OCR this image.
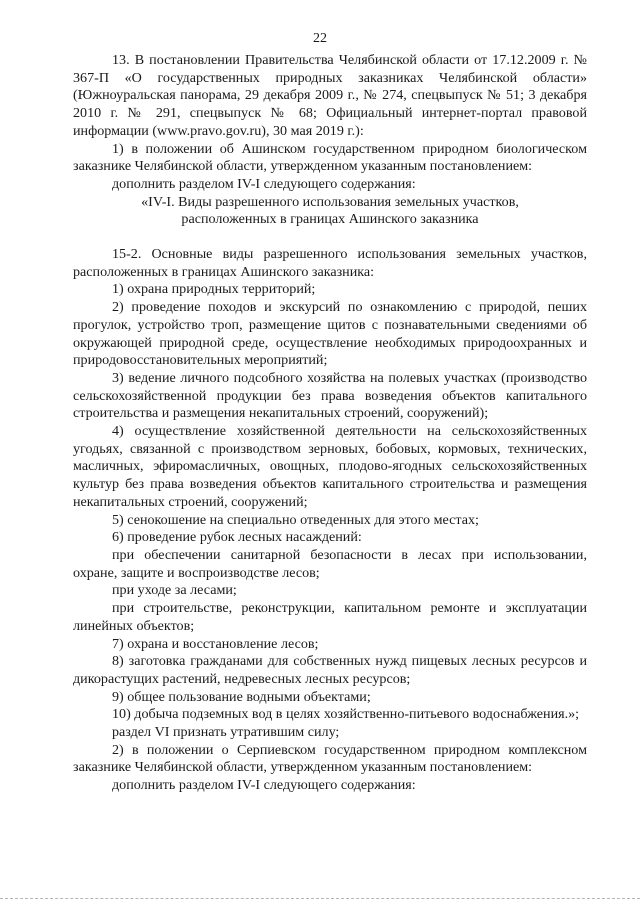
22

13. В постановлении Правительства Челябинской области от 17.12.2009 г. № 367-П «О государственных природных заказниках Челябинской области» (Южноуральская панорама, 29 декабря 2009 г., № 274, спецвыпуск № 51; 3 декабря 2010 г. № 291, спецвыпуск № 68; Официальный интернет-портал правовой информации (www.pravo.gov.ru), 30 мая 2019 г.):

1) в положении об Ашинском государственном природном биологическом заказнике Челябинской области, утвержденном указанным постановлением:

дополнить разделом IV-I следующего содержания:

«IV-I. Виды разрешенного использования земельных участков,

расположенных в границах Ашинского заказника

15-2. Основные виды разрешенного использования земельных участков, расположенных в границах Ашинского заказника:

1) охрана природных территорий;

2) проведение походов и экскурсий по ознакомлению с природой, пеших прогулок, устройство троп, размещение щитов с познавательными сведениями об окружающей природной среде, осуществление необходимых природоохранных и природовосстановительных мероприятий;

3) ведение личного подсобного хозяйства на полевых участках (производство сельскохозяйственной продукции без права возведения объектов капитального строительства и размещения некапитальных строений, сооружений);

4) осуществление хозяйственной деятельности на сельскохозяйственных угодьях, связанной с производством зерновых, бобовых, кормовых, технических, масличных, эфиромасличных, овощных, плодово-ягодных сельскохозяйственных культур без права возведения объектов капитального строительства и размещения некапитальных строений, сооружений;

5) сенокошение на специально отведенных для этого местах;

6) проведение рубок лесных насаждений:

при обеспечении санитарной безопасности в лесах при использовании, охране, защите и воспроизводстве лесов;

при уходе за лесами;

при строительстве, реконструкции, капитальном ремонте и эксплуатации линейных объектов;

7) охрана и восстановление лесов;

8) заготовка гражданами для собственных нужд пищевых лесных ресурсов и дикорастущих растений, недревесных лесных ресурсов;

9) общее пользование водными объектами;

10) добыча подземных вод в целях хозяйственно-питьевого водоснабжения.»;

раздел VI признать утратившим силу;

2) в положении о Серпиевском государственном природном комплексном заказнике Челябинской области, утвержденном указанным постановлением:

дополнить разделом IV-I следующего содержания:
